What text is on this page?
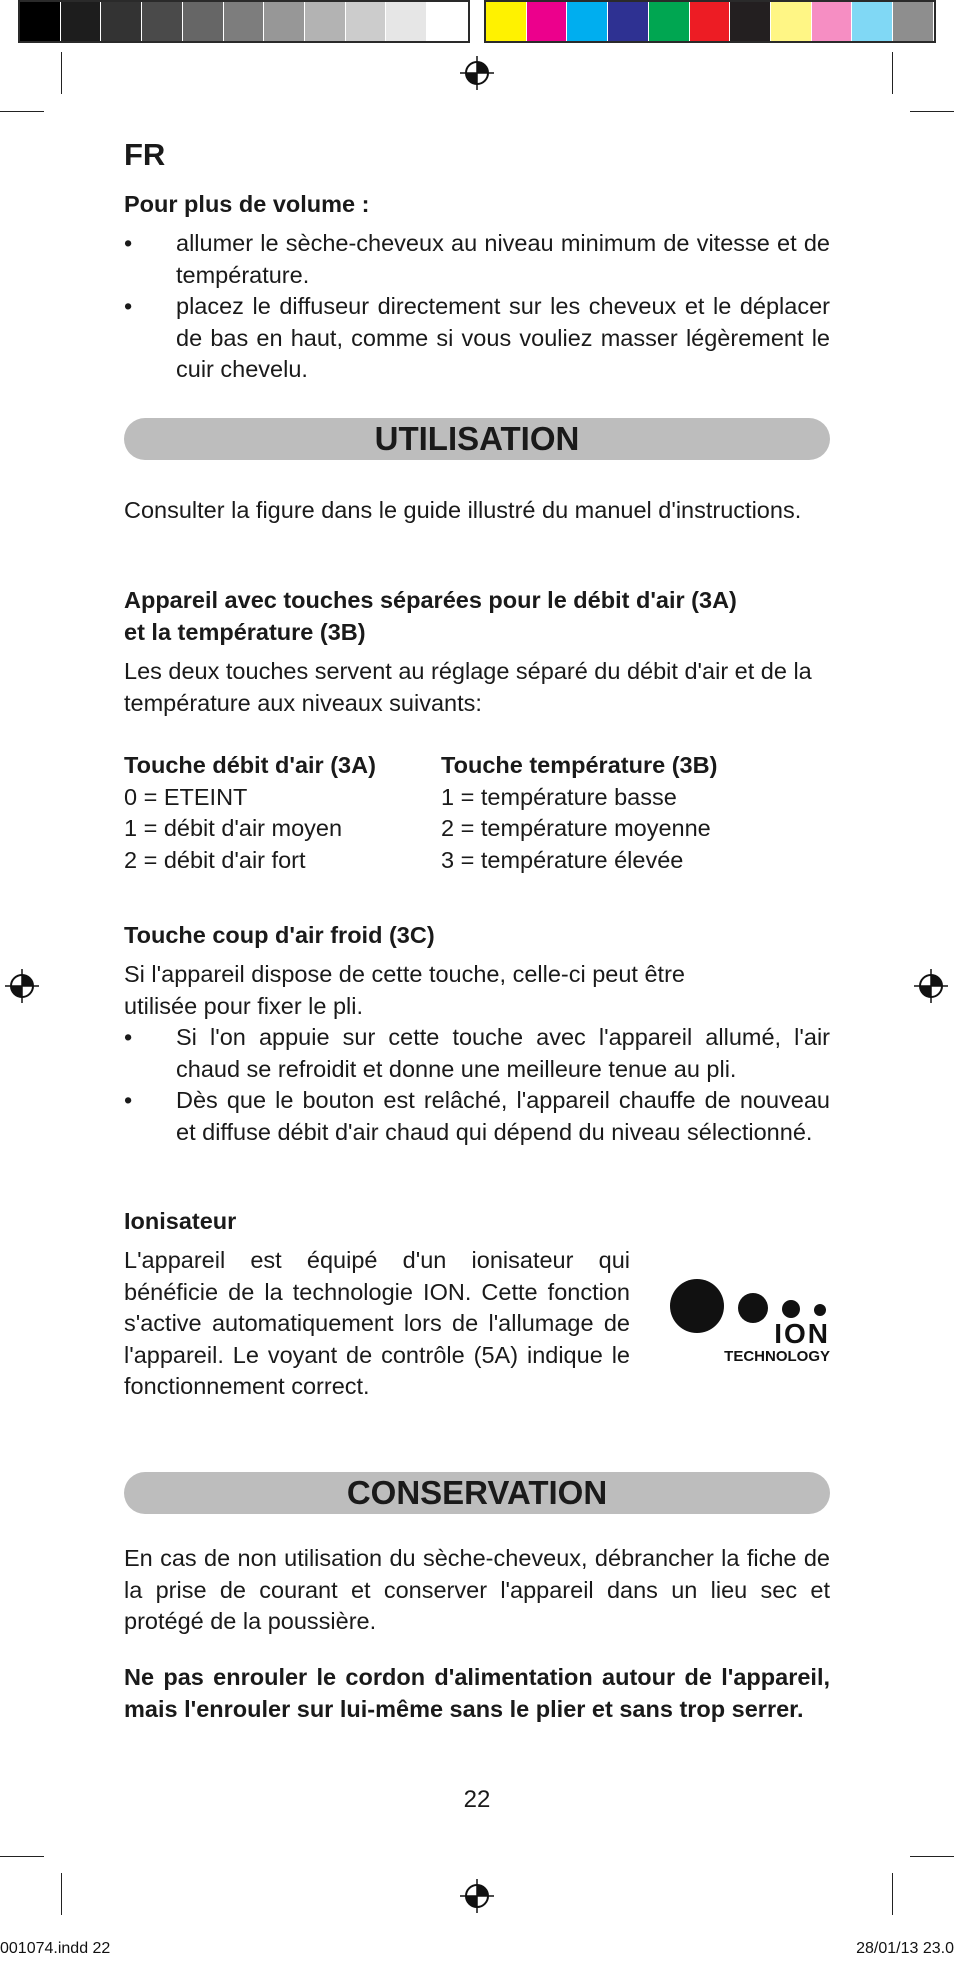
FR
Pour plus de volume :
• allumer le sèche-cheveux au niveau minimum de vitesse et de température.
• placez le diffuseur directement sur les cheveux et le déplacer de bas en haut, comme si vous vouliez masser légèrement le cuir chevelu.
UTILISATION
Consulter la figure dans le guide illustré du manuel d'instructions.
Appareil avec touches séparées pour le débit d'air (3A)
et la température (3B)
Les deux touches servent au réglage séparé du débit d'air et de la température aux niveaux suivants:
Touche débit d'air (3A)
0 = ETEINT
1 = débit d'air moyen
2 = débit d'air fort
Touche température (3B)
1 = température basse
2 = température moyenne
3 = température élevée
Touche coup d'air froid (3C)
Si l'appareil dispose de cette touche, celle-ci peut être
utilisée pour fixer le pli.
• Si l'on appuie sur cette touche avec l'appareil allumé, l'air chaud se refroidit et donne une meilleure tenue au pli.
• Dès que le bouton est relâché, l'appareil chauffe de nouveau et diffuse débit d'air chaud qui dépend du niveau sélectionné.
Ionisateur
L'appareil est équipé d'un ionisateur qui bénéficie de la technologie ION. Cette fonction s'active automatiquement lors de l'allumage de l'appareil. Le voyant de contrôle (5A) indique le fonctionnement correct.
ION
TECHNOLOGY
CONSERVATION
En cas de non utilisation du sèche-cheveux, débrancher la fiche de la prise de courant et conserver l'appareil dans un lieu sec et protégé de la poussière.
Ne pas enrouler le cordon d'alimentation autour de l'appareil, mais l'enrouler sur lui-même sans le plier et sans trop serrer.
22
001074.indd 22	28/01/13 23.0
